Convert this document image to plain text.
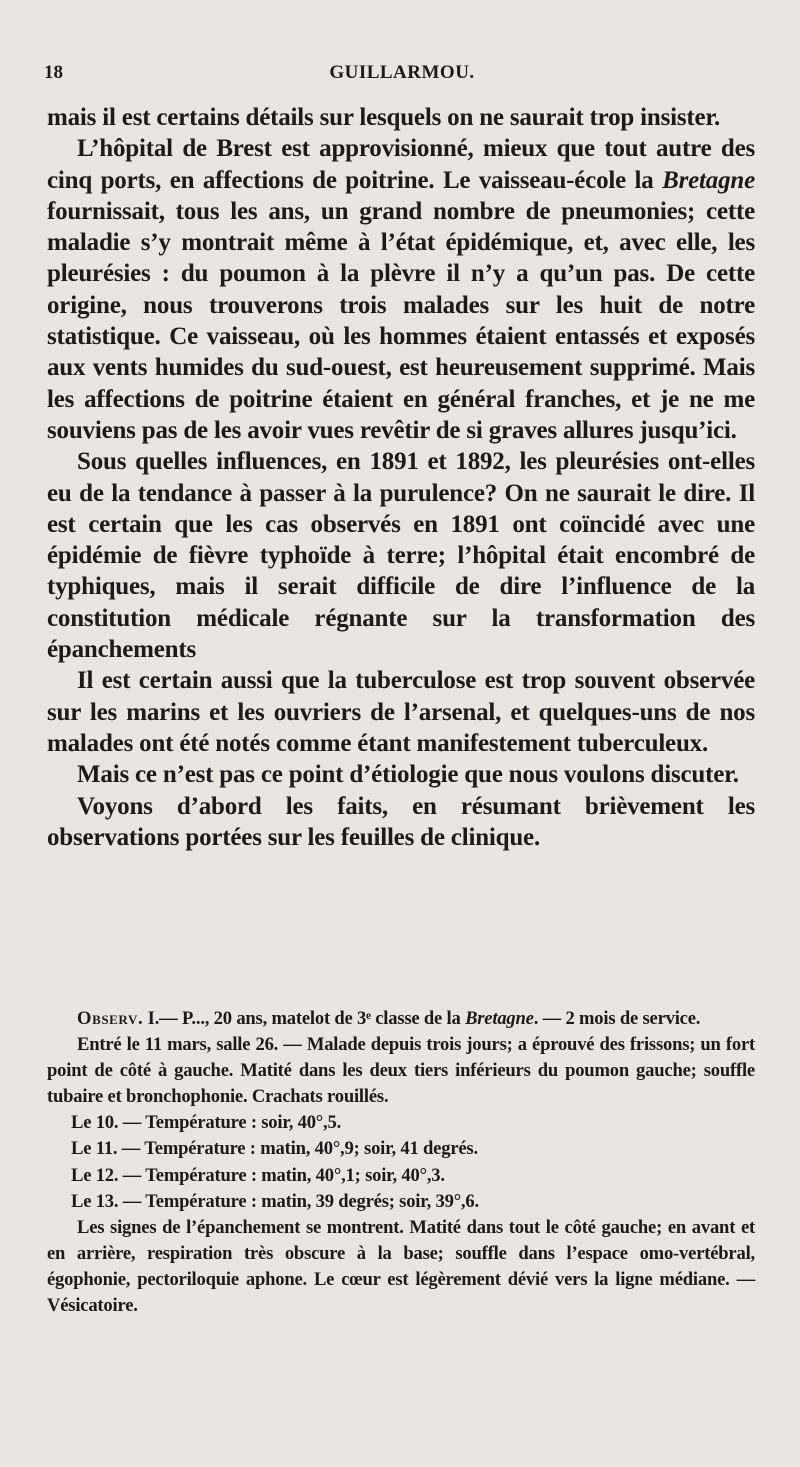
18	GUILLARMOU.

mais il est certains détails sur lesquels on ne saurait trop insister.

L’hôpital de Brest est approvisionné, mieux que tout autre des cinq ports, en affections de poitrine. Le vaisseau-école la Bretagne fournissait, tous les ans, un grand nombre de pneumonies; cette maladie s’y montrait même à l’état épidémique, et, avec elle, les pleurésies : du poumon à la plèvre il n’y a qu’un pas. De cette origine, nous trouverons trois malades sur les huit de notre statistique. Ce vaisseau, où les hommes étaient entassés et exposés aux vents humides du sud-ouest, est heureusement supprimé. Mais les affections de poitrine étaient en général franches, et je ne me souviens pas de les avoir vues revêtir de si graves allures jusqu’ici.

Sous quelles influences, en 1891 et 1892, les pleurésies ont-elles eu de la tendance à passer à la purulence? On ne saurait le dire. Il est certain que les cas observés en 1891 ont coïncidé avec une épidémie de fièvre typhoïde à terre; l’hôpital était encombré de typhiques, mais il serait difficile de dire l’influence de la constitution médicale régnante sur la transformation des épanchements

Il est certain aussi que la tuberculose est trop souvent observée sur les marins et les ouvriers de l’arsenal, et quelques-uns de nos malades ont été notés comme étant manifestement tuberculeux.

Mais ce n’est pas ce point d’étiologie que nous voulons discuter.

Voyons d’abord les faits, en résumant brièvement les observations portées sur les feuilles de clinique.

Observ. I.— P..., 20 ans, matelot de 3ᵉ classe de la Bretagne. — 2 mois de service.

Entré le 11 mars, salle 26. — Malade depuis trois jours; a éprouvé des frissons; un fort point de côté à gauche. Matité dans les deux tiers inférieurs du poumon gauche; souffle tubaire et bronchophonie. Crachats rouillés.

Le 10. — Température : soir, 40°,5.

Le 11. — Température : matin, 40°,9; soir, 41 degrés.

Le 12. — Température : matin, 40°,1; soir, 40°,3.

Le 13. — Température : matin, 39 degrés; soir, 39°,6.

Les signes de l’épanchement se montrent. Matité dans tout le côté gauche; en avant et en arrière, respiration très obscure à la base; souffle dans l’espace omo-vertébral, égophonie, pectoriloquie aphone. Le cœur est légèrement dévié vers la ligne médiane. — Vésicatoire.
